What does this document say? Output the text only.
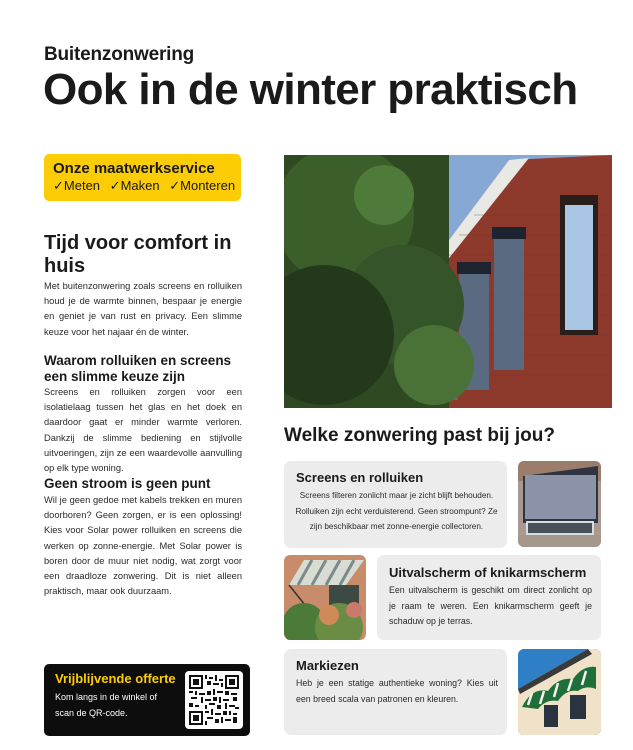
Buitenzonwering
Ook in de winter praktisch
Onze maatwerkservice
✓Meten ✓Maken ✓Monteren
Tijd voor comfort in huis
Met buitenzonwering zoals screens en rolluiken houd je de warmte binnen, bespaar je energie en geniet je van rust en privacy. Een slimme keuze voor het najaar én de winter.
Waarom rolluiken en screens een slimme keuze zijn
Screens en rolluiken zorgen voor een isolatielaag tussen het glas en het doek en daardoor gaat er minder warmte verloren. Dankzij de slimme bediening en stijlvolle uitvoeringen, zijn ze een waardevolle aanvulling op elk type woning.
Geen stroom is geen punt
Wil je geen gedoe met kabels trekken en muren doorboren? Geen zorgen, er is een oplossing! Kies voor Solar power rolluiken en screens die werken op zonne-energie. Met Solar power is boren door de muur niet nodig, wat zorgt voor een draadloze zonwering. Dit is niet alleen praktisch, maar ook duurzaam.
Vrijblijvende offerte
Kom langs in de winkel of scan de QR-code.
Welke zonwering past bij jou?
Screens en rolluiken
Screens filteren zonlicht maar je zicht blijft behouden. Rolluiken zijn echt verduisterend. Geen stroompunt? Ze zijn beschikbaar met zonne-energie collectoren.
Uitvalscherm of knikarmscherm
Een uitvalscherm is geschikt om direct zonlicht op je raam te weren. Een knikarmscherm geeft je schaduw op je terras.
Markiezen
Heb je een statige authentieke woning? Kies uit een breed scala van patronen en kleuren.
